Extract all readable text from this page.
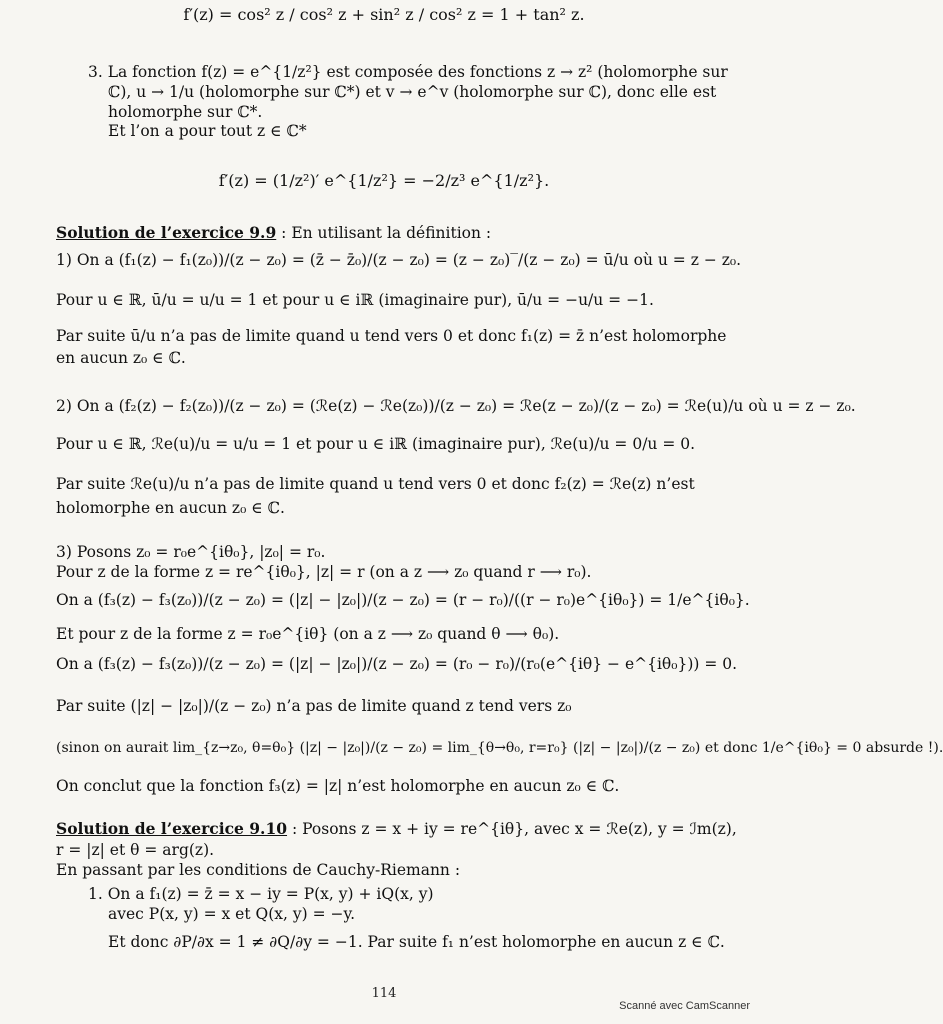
f′(z) = cos² z / cos² z + sin² z / cos² z = 1 + tan² z.
3. La fonction f(z) = e^{1/z²} est composée des fonctions z → z² (holomorphe sur
ℂ), u → 1/u (holomorphe sur ℂ*) et v → e^v (holomorphe sur ℂ), donc elle est
holomorphe sur ℂ*.
Et l’on a pour tout z ∈ ℂ*
f′(z) = (1/z²)′ e^{1/z²} = −2/z³ e^{1/z²}.
Solution de l’exercice 9.9 : En utilisant la définition :
1) On a (f₁(z) − f₁(z₀))/(z − z₀) = (z̄ − z̄₀)/(z − z₀) = (z − z₀)‾/(z − z₀) = ū/u où u = z − z₀.
Pour u ∈ ℝ, ū/u = u/u = 1 et pour u ∈ iℝ (imaginaire pur), ū/u = −u/u = −1.
Par suite ū/u n’a pas de limite quand u tend vers 0 et donc f₁(z) = z̄ n’est holomorphe
en aucun z₀ ∈ ℂ.
2) On a (f₂(z) − f₂(z₀))/(z − z₀) = (ℛe(z) − ℛe(z₀))/(z − z₀) = ℛe(z − z₀)/(z − z₀) = ℛe(u)/u où u = z − z₀.
Pour u ∈ ℝ, ℛe(u)/u = u/u = 1 et pour u ∈ iℝ (imaginaire pur), ℛe(u)/u = 0/u = 0.
Par suite ℛe(u)/u n’a pas de limite quand u tend vers 0 et donc f₂(z) = ℛe(z) n’est
holomorphe en aucun z₀ ∈ ℂ.
3) Posons z₀ = r₀e^{iθ₀}, |z₀| = r₀.
Pour z de la forme z = re^{iθ₀}, |z| = r (on a z ⟶ z₀ quand r ⟶ r₀).
On a (f₃(z) − f₃(z₀))/(z − z₀) = (|z| − |z₀|)/(z − z₀) = (r − r₀)/((r − r₀)e^{iθ₀}) = 1/e^{iθ₀}.
Et pour z de la forme z = r₀e^{iθ} (on a z ⟶ z₀ quand θ ⟶ θ₀).
On a (f₃(z) − f₃(z₀))/(z − z₀) = (|z| − |z₀|)/(z − z₀) = (r₀ − r₀)/(r₀(e^{iθ} − e^{iθ₀})) = 0.
Par suite (|z| − |z₀|)/(z − z₀) n’a pas de limite quand z tend vers z₀
(sinon on aurait lim_{z→z₀, θ=θ₀} (|z| − |z₀|)/(z − z₀) = lim_{θ→θ₀, r=r₀} (|z| − |z₀|)/(z − z₀) et donc 1/e^{iθ₀} = 0 absurde !).
On conclut que la fonction f₃(z) = |z| n’est holomorphe en aucun z₀ ∈ ℂ.
Solution de l’exercice 9.10 : Posons z = x + iy = re^{iθ}, avec x = ℛe(z), y = ℐm(z),
r = |z| et θ = arg(z).
En passant par les conditions de Cauchy-Riemann :
1. On a f₁(z) = z̄ = x − iy = P(x, y) + iQ(x, y)
avec P(x, y) = x et Q(x, y) = −y.
Et donc ∂P/∂x = 1 ≠ ∂Q/∂y = −1. Par suite f₁ n’est holomorphe en aucun z ∈ ℂ.
114
Scanné avec CamScanner
